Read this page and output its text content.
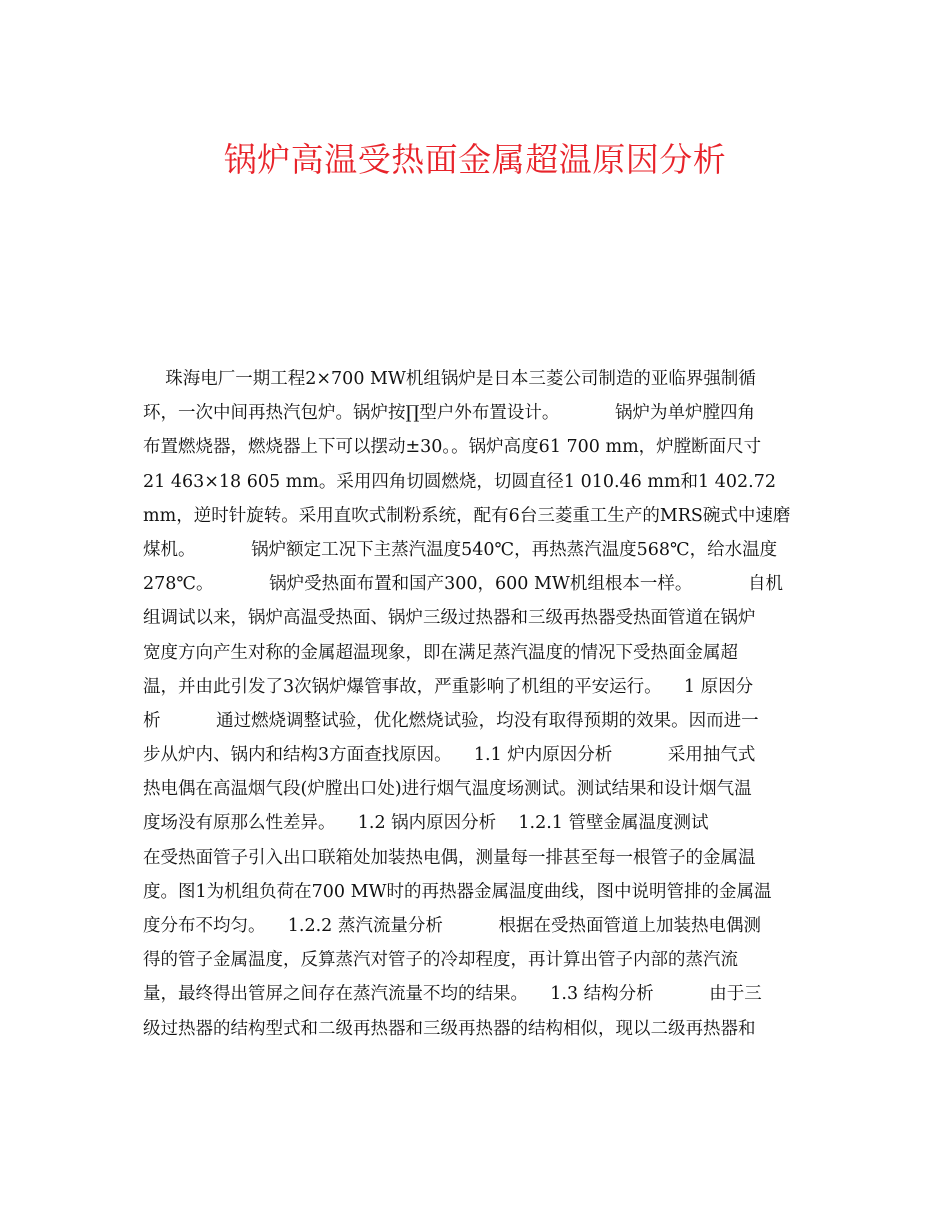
锅炉高温受热面金属超温原因分析
珠海电厂一期工程2×700 MW机组锅炉是日本三菱公司制造的亚临界强制循
环，一次中间再热汽包炉。锅炉按∏型户外布置设计。          锅炉为单炉膛四角
布置燃烧器，燃烧器上下可以摆动±30。。锅炉高度61 700 mm，炉膛断面尺寸
21 463×18 605 mm。采用四角切圆燃烧，切圆直径1 010.46 mm和1 402.72
mm，逆时针旋转。采用直吹式制粉系统，配有6台三菱重工生产的MRS碗式中速磨
煤机。          锅炉额定工况下主蒸汽温度540℃，再热蒸汽温度568℃，给水温度
278℃。          锅炉受热面布置和国产300，600 MW机组根本一样。          自机
组调试以来，锅炉高温受热面、锅炉三级过热器和三级再热器受热面管道在锅炉
宽度方向产生对称的金属超温现象，即在满足蒸汽温度的情况下受热面金属超
温，并由此引发了3次锅炉爆管事故，严重影响了机组的平安运行。    1 原因分
析          通过燃烧调整试验，优化燃烧试验，均没有取得预期的效果。因而进一
步从炉内、锅内和结构3方面查找原因。    1.1 炉内原因分析          采用抽气式
热电偶在高温烟气段(炉膛出口处)进行烟气温度场测试。测试结果和设计烟气温
度场没有原那么性差异。    1.2 锅内原因分析    1.2.1 管壁金属温度测试
在受热面管子引入出口联箱处加装热电偶，测量每一排甚至每一根管子的金属温
度。图1为机组负荷在700 MW时的再热器金属温度曲线，图中说明管排的金属温
度分布不均匀。    1.2.2 蒸汽流量分析          根据在受热面管道上加装热电偶测
得的管子金属温度，反算蒸汽对管子的冷却程度，再计算出管子内部的蒸汽流
量，最终得出管屏之间存在蒸汽流量不均的结果。    1.3 结构分析          由于三
级过热器的结构型式和二级再热器和三级再热器的结构相似，现以二级再热器和
